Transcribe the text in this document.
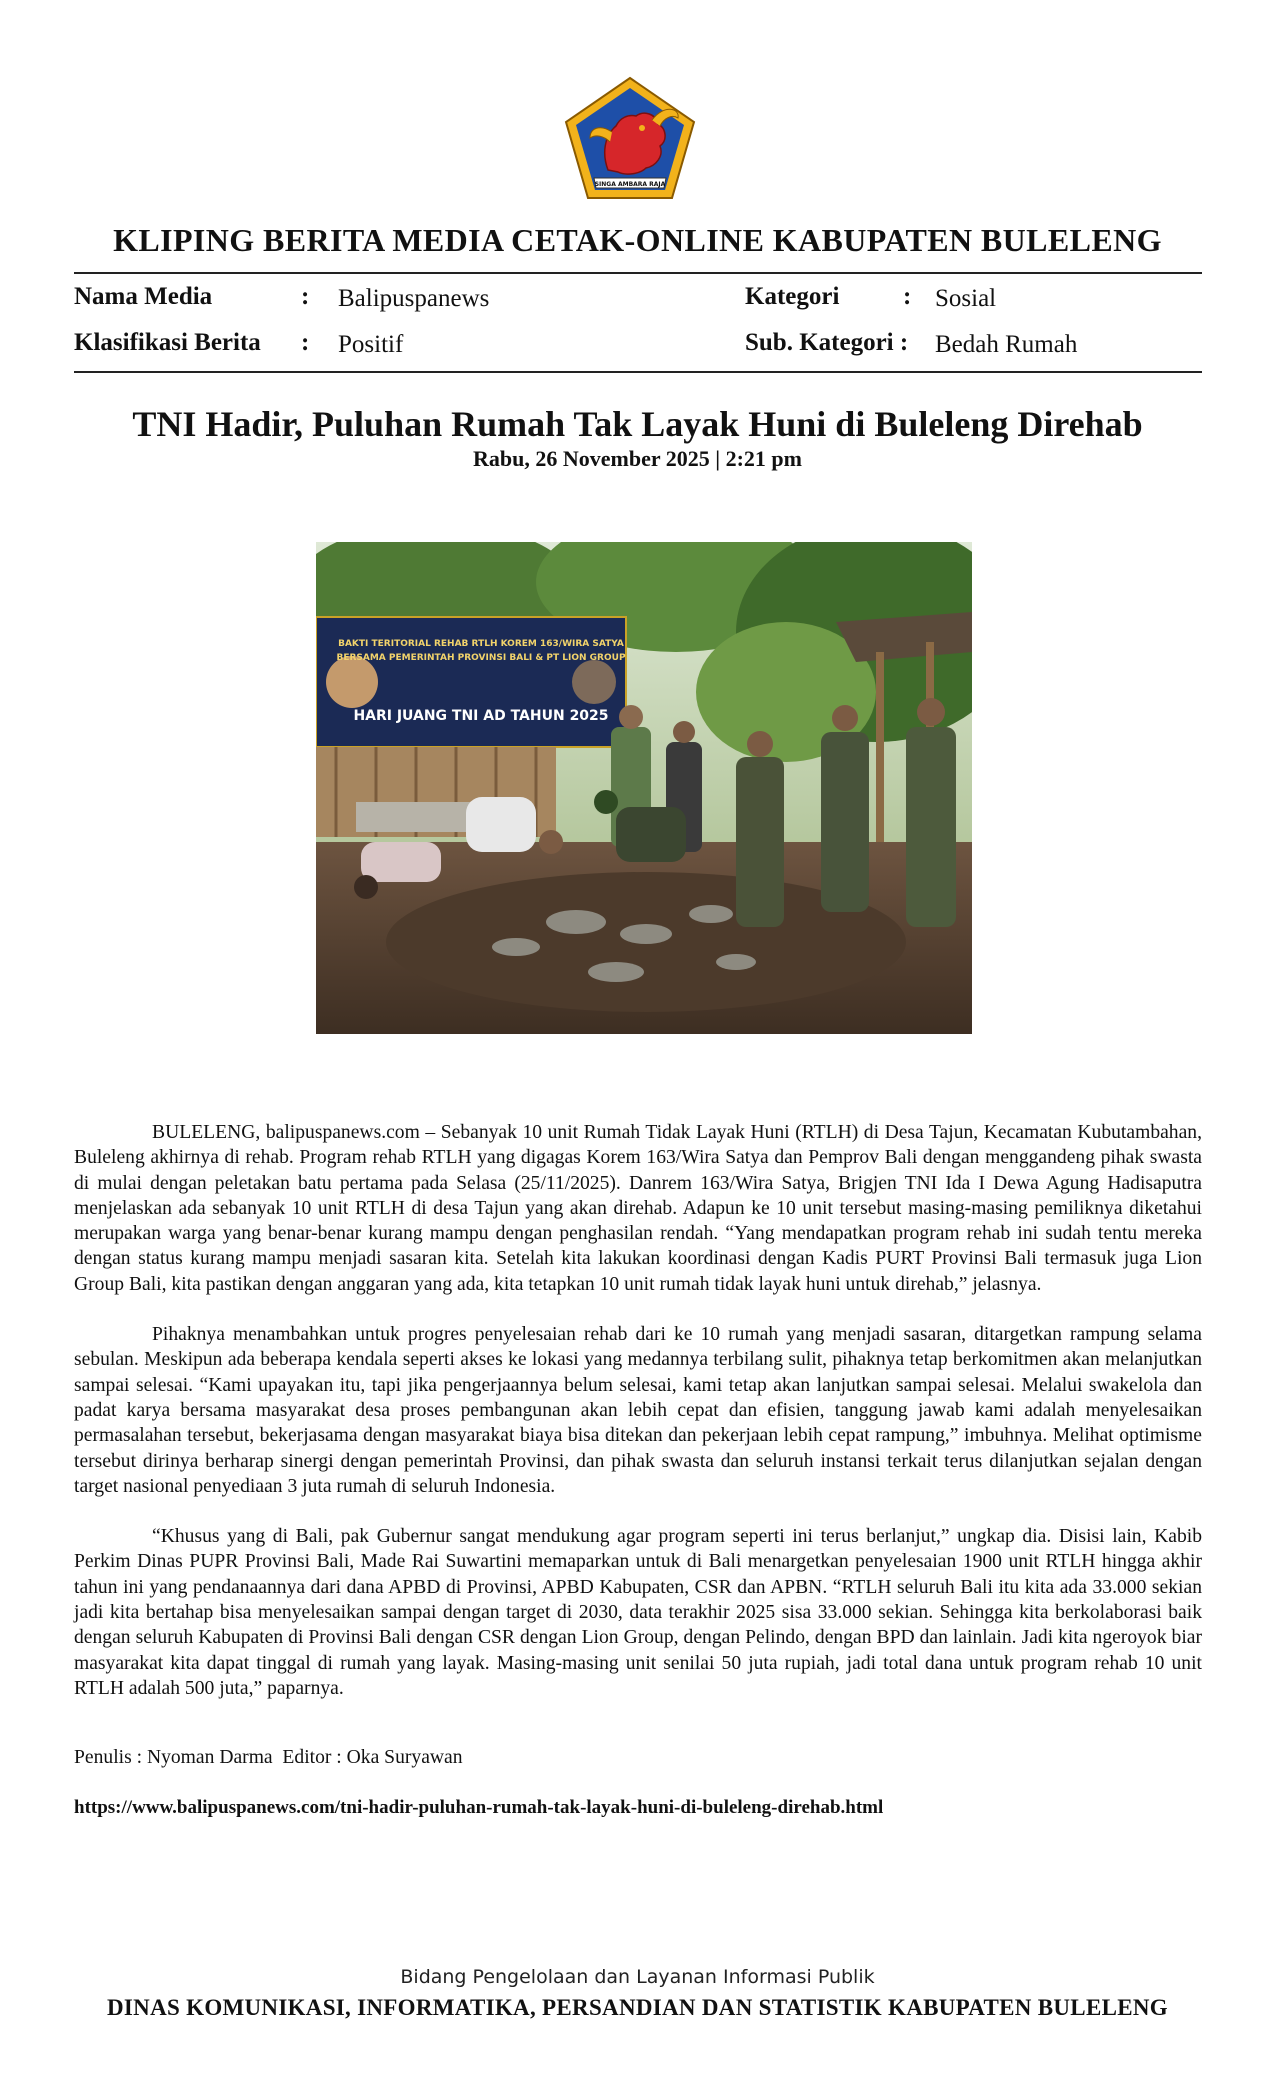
SINGA AMBARA RAJA
KLIPING BERITA MEDIA CETAK-ONLINE KABUPATEN BULELENG
Nama Media	: Balipuspanews	Kategori	: Sosial
Klasifikasi Berita : Positif	Sub. Kategori : Bedah Rumah
TNI Hadir, Puluhan Rumah Tak Layak Huni di Buleleng Direhab
Rabu, 26 November 2025 | 2:21 pm
BAKTI TERITORIAL REHAB RTLH KOREM 163/WIRA SATYA
BERSAMA PEMERINTAH PROVINSI BALI & PT LION GROUP
HARI JUANG TNI AD TAHUN 2025

BULELENG, balipuspanews.com – Sebanyak 10 unit Rumah Tidak Layak Huni (RTLH) di Desa Tajun, Kecamatan Kubutambahan, Buleleng akhirnya di rehab. Program rehab RTLH yang digagas Korem 163/Wira Satya dan Pemprov Bali dengan menggandeng pihak swasta di mulai dengan peletakan batu pertama pada Selasa (25/11/2025). Danrem 163/Wira Satya, Brigjen TNI Ida I Dewa Agung Hadisaputra menjelaskan ada sebanyak 10 unit RTLH di desa Tajun yang akan direhab. Adapun ke 10 unit tersebut masing-masing pemiliknya diketahui merupakan warga yang benar-benar kurang mampu dengan penghasilan rendah. “Yang mendapatkan program rehab ini sudah tentu mereka dengan status kurang mampu menjadi sasaran kita. Setelah kita lakukan koordinasi dengan Kadis PURT Provinsi Bali termasuk juga Lion Group Bali, kita pastikan dengan anggaran yang ada, kita tetapkan 10 unit rumah tidak layak huni untuk direhab,” jelasnya.

Pihaknya menambahkan untuk progres penyelesaian rehab dari ke 10 rumah yang menjadi sasaran, ditargetkan rampung selama sebulan. Meskipun ada beberapa kendala seperti akses ke lokasi yang medannya terbilang sulit, pihaknya tetap berkomitmen akan melanjutkan sampai selesai. “Kami upayakan itu, tapi jika pengerjaannya belum selesai, kami tetap akan lanjutkan sampai selesai. Melalui swakelola dan padat karya bersama masyarakat desa proses pembangunan akan lebih cepat dan efisien, tanggung jawab kami adalah menyelesaikan permasalahan tersebut, bekerjasama dengan masyarakat biaya bisa ditekan dan pekerjaan lebih cepat rampung,” imbuhnya. Melihat optimisme tersebut dirinya berharap sinergi dengan pemerintah Provinsi, dan pihak swasta dan seluruh instansi terkait terus dilanjutkan sejalan dengan target nasional penyediaan 3 juta rumah di seluruh Indonesia.

“Khusus yang di Bali, pak Gubernur sangat mendukung agar program seperti ini terus berlanjut,” ungkap dia. Disisi lain, Kabib Perkim Dinas PUPR Provinsi Bali, Made Rai Suwartini memaparkan untuk di Bali menargetkan penyelesaian 1900 unit RTLH hingga akhir tahun ini yang pendanaannya dari dana APBD di Provinsi, APBD Kabupaten, CSR dan APBN. “RTLH seluruh Bali itu kita ada 33.000 sekian jadi kita bertahap bisa menyelesaikan sampai dengan target di 2030, data terakhir 2025 sisa 33.000 sekian. Sehingga kita berkolaborasi baik dengan seluruh Kabupaten di Provinsi Bali dengan CSR dengan Lion Group, dengan Pelindo, dengan BPD dan lainlain. Jadi kita ngeroyok biar masyarakat kita dapat tinggal di rumah yang layak. Masing-masing unit senilai 50 juta rupiah, jadi total dana untuk program rehab 10 unit RTLH adalah 500 juta,” paparnya.

Penulis : Nyoman Darma  Editor : Oka Suryawan
https://www.balipuspanews.com/tni-hadir-puluhan-rumah-tak-layak-huni-di-buleleng-direhab.html
Bidang Pengelolaan dan Layanan Informasi Publik
DINAS KOMUNIKASI, INFORMATIKA, PERSANDIAN DAN STATISTIK KABUPATEN BULELENG
